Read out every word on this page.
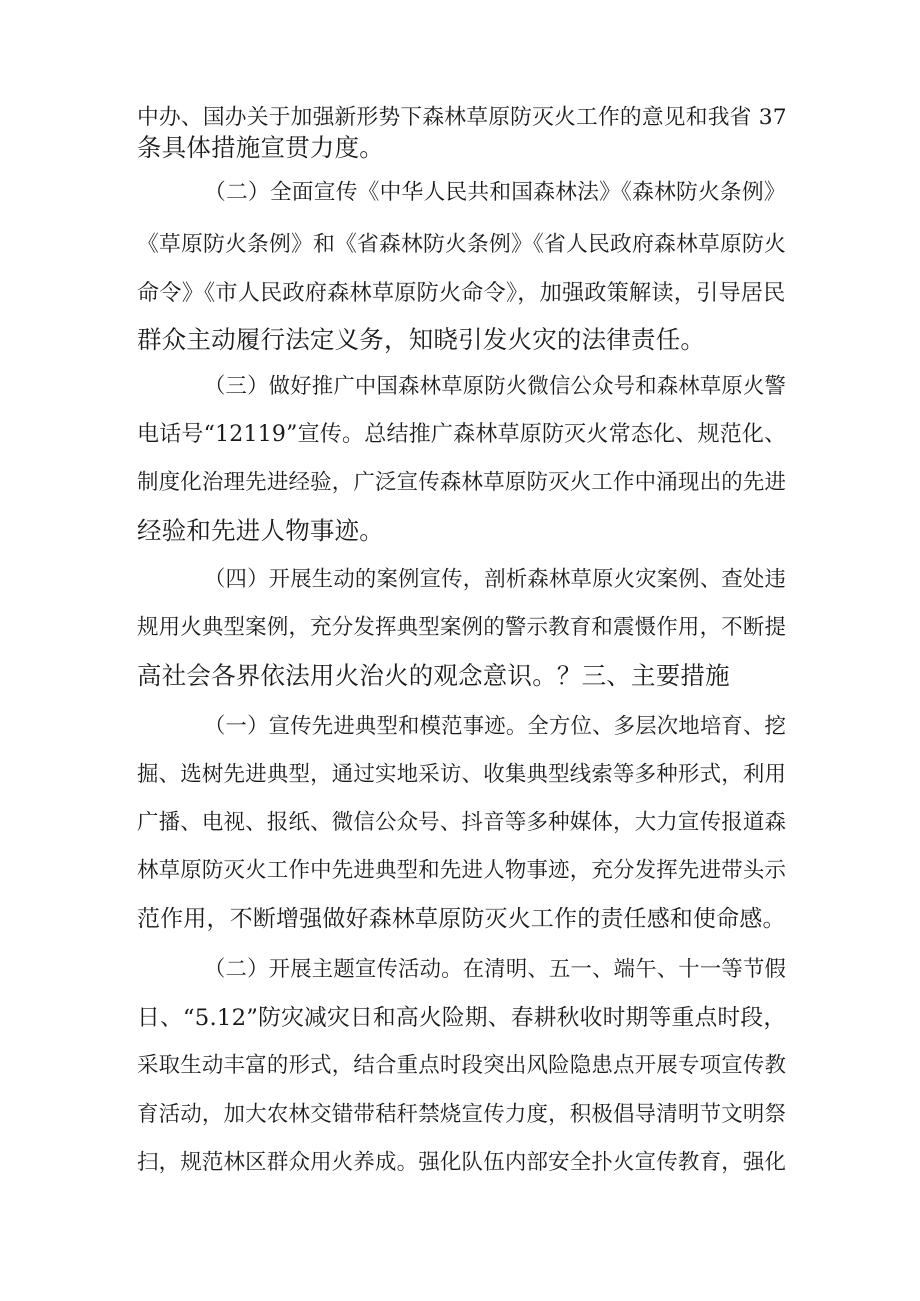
中办、国办关于加强新形势下森林草原防灭火工作的意见和我省 37
条具体措施宣贯力度。
（二）全面宣传《中华人民共和国森林法》《森林防火条例》
《草原防火条例》和《省森林防火条例》《省人民政府森林草原防火
命令》《市人民政府森林草原防火命令》，加强政策解读，引导居民
群众主动履行法定义务，知晓引发火灾的法律责任。
（三）做好推广中国森林草原防火微信公众号和森林草原火警
电话号“12119”宣传。总结推广森林草原防灭火常态化、规范化、
制度化治理先进经验，广泛宣传森林草原防灭火工作中涌现出的先进
经验和先进人物事迹。
（四）开展生动的案例宣传，剖析森林草原火灾案例、查处违
规用火典型案例，充分发挥典型案例的警示教育和震慑作用，不断提
高社会各界依法用火治火的观念意识。？三、主要措施
（一）宣传先进典型和模范事迹。全方位、多层次地培育、挖
掘、选树先进典型，通过实地采访、收集典型线索等多种形式，利用
广播、电视、报纸、微信公众号、抖音等多种媒体，大力宣传报道森
林草原防灭火工作中先进典型和先进人物事迹，充分发挥先进带头示
范作用，不断增强做好森林草原防灭火工作的责任感和使命感。
（二）开展主题宣传活动。在清明、五一、端午、十一等节假
日、“5.12”防灾减灾日和高火险期、春耕秋收时期等重点时段，
采取生动丰富的形式，结合重点时段突出风险隐患点开展专项宣传教
育活动，加大农林交错带秸秆禁烧宣传力度，积极倡导清明节文明祭
扫，规范林区群众用火养成。强化队伍内部安全扑火宣传教育，强化
